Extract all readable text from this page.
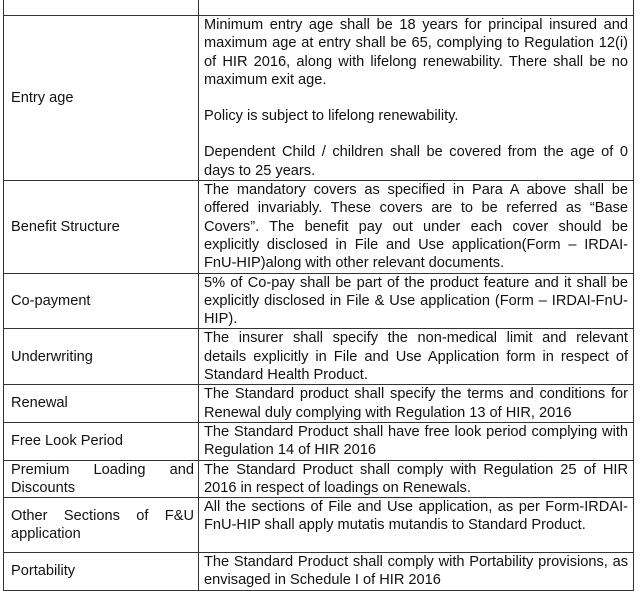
Entry age	Minimum entry age shall be 18 years for principal insured and maximum age at entry shall be 65, complying to Regulation 12(i) of HIR 2016, along with lifelong renewability. There shall be no maximum exit age.

Policy is subject to lifelong renewability.

Dependent Child / children shall be covered from the age of 0 days to 25 years.

Benefit Structure	The mandatory covers as specified in Para A above shall be offered invariably. These covers are to be referred as “Base Covers”. The benefit pay out under each cover should be explicitly disclosed in File and Use application(Form – IRDAI-FnU-HIP)along with other relevant documents.

Co-payment	5% of Co-pay shall be part of the product feature and it shall be explicitly disclosed in File & Use application (Form – IRDAI-FnU-HIP).

Underwriting	The insurer shall specify the non-medical limit and relevant details explicitly in File and Use Application form in respect of Standard Health Product.

Renewal	The Standard product shall specify the terms and conditions for Renewal duly complying with Regulation 13 of HIR, 2016

Free Look Period	The Standard Product shall have free look period complying with Regulation 14 of HIR 2016

Premium Loading and Discounts	The Standard Product shall comply with Regulation 25 of HIR 2016 in respect of loadings on Renewals.

Other Sections of F&U application	All the sections of File and Use application, as per Form-IRDAI-FnU-HIP shall apply mutatis mutandis to Standard Product.

Portability	The Standard Product shall comply with Portability provisions, as envisaged in Schedule I of HIR 2016
